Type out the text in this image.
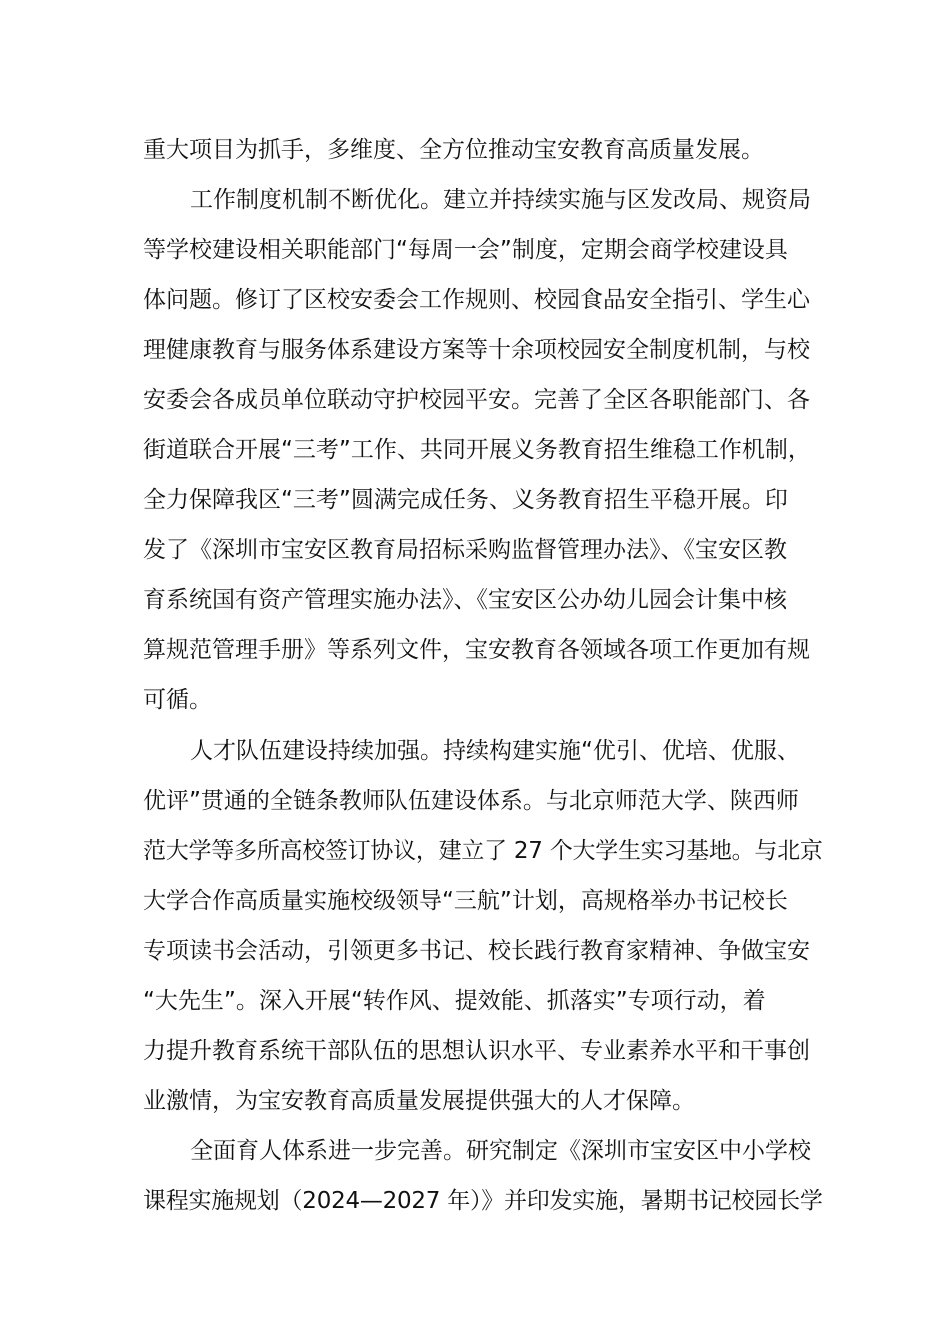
重大项目为抓手，多维度、全方位推动宝安教育高质量发展。
工作制度机制不断优化。建立并持续实施与区发改局、规资局
等学校建设相关职能部门“每周一会”制度，定期会商学校建设具
体问题。修订了区校安委会工作规则、校园食品安全指引、学生心
理健康教育与服务体系建设方案等十余项校园安全制度机制，与校
安委会各成员单位联动守护校园平安。完善了全区各职能部门、各
街道联合开展“三考”工作、共同开展义务教育招生维稳工作机制，
全力保障我区“三考”圆满完成任务、义务教育招生平稳开展。印
发了《深圳市宝安区教育局招标采购监督管理办法》、《宝安区教
育系统国有资产管理实施办法》、《宝安区公办幼儿园会计集中核
算规范管理手册》等系列文件，宝安教育各领域各项工作更加有规
可循。
人才队伍建设持续加强。持续构建实施“优引、优培、优服、
优评”贯通的全链条教师队伍建设体系。与北京师范大学、陕西师
范大学等多所高校签订协议，建立了 27 个大学生实习基地。与北京
大学合作高质量实施校级领导“三航”计划，高规格举办书记校长
专项读书会活动，引领更多书记、校长践行教育家精神、争做宝安
“大先生”。深入开展“转作风、提效能、抓落实”专项行动，着
力提升教育系统干部队伍的思想认识水平、专业素养水平和干事创
业激情，为宝安教育高质量发展提供强大的人才保障。
全面育人体系进一步完善。研究制定《深圳市宝安区中小学校
课程实施规划（2024—2027 年）》并印发实施，暑期书记校园长学
